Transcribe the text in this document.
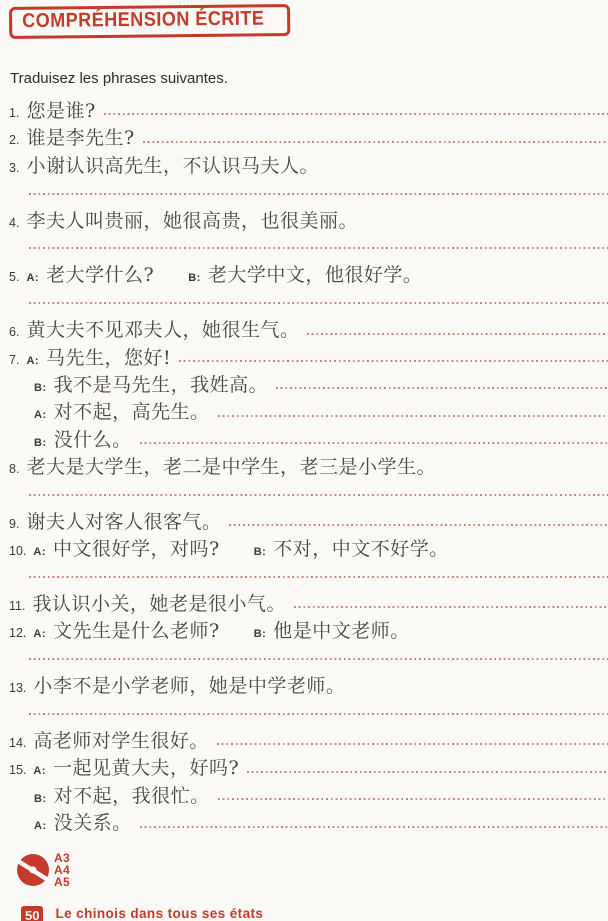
COMPRÉHENSION ÉCRITE

Traduisez les phrases suivantes.

1. 您是谁?
2. 谁是李先生?
3. 小谢认识高先生，不认识马夫人。
4. 李夫人叫贵丽，她很高贵，也很美丽。
5. A: 老大学什么?	B: 老大学中文，他很好学。
6. 黄大夫不见邓夫人，她很生气。
7. A: 马先生，您好!
B: 我不是马先生，我姓高。
A: 对不起，高先生。
B: 没什么。
8. 老大是大学生，老二是中学生，老三是小学生。
9. 谢夫人对客人很客气。
10. A: 中文很好学，对吗?	B: 不对，中文不好学。
11. 我认识小关，她老是很小气。
12. A: 文先生是什么老师?	B: 他是中文老师。
13. 小李不是小学老师，她是中学老师。
14. 高老师对学生很好。
15. A: 一起见黄大夫，好吗?
B: 对不起，我很忙。
A: 没关系。
A3
A4
A5
50 Le chinois dans tous ses états
